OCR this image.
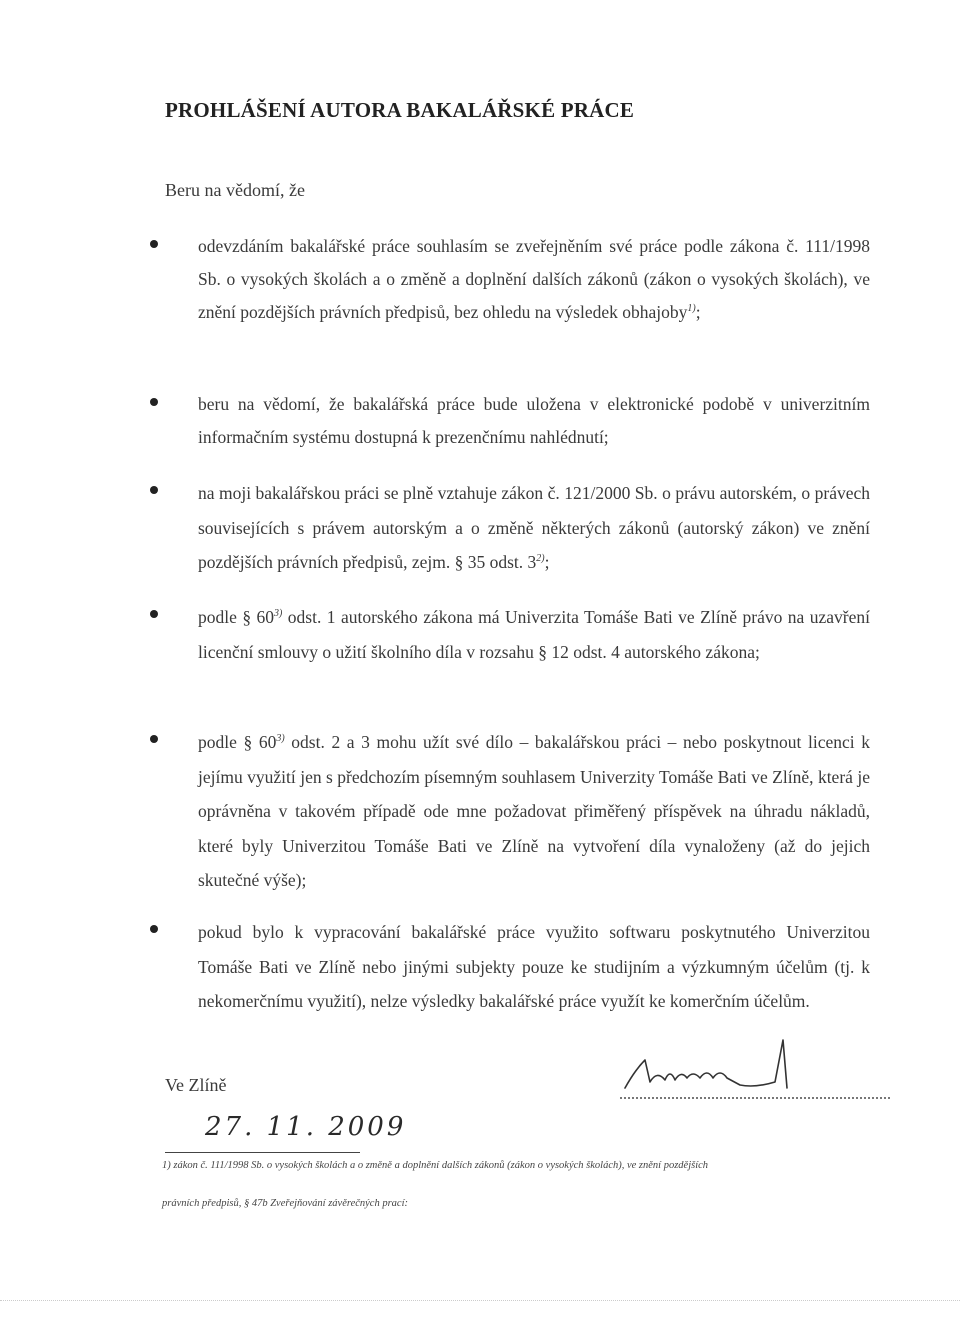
PROHLÁŠENÍ AUTORA BAKALÁŘSKÉ PRÁCE
Beru na vědomí, že
odevzdáním bakalářské práce souhlasím se zveřejněním své práce podle zákona č. 111/1998 Sb. o vysokých školách a o změně a doplnění dalších zákonů (zákon o vysokých školách), ve znění pozdějších právních předpisů, bez ohledu na výsledek obhajoby$^{1)}$;
beru na vědomí, že bakalářská práce bude uložena v elektronické podobě v univerzitním informačním systému dostupná k prezenčnímu nahlédnutí;
na moji bakalářskou práci se plně vztahuje zákon č. 121/2000 Sb. o právu autorském, o právech souvisejících s právem autorským a o změně některých zákonů (autorský zákon) ve znění pozdějších právních předpisů, zejm. § 35 odst. 3$^{2)}$;
podle § 60$^{3)}$ odst. 1 autorského zákona má Univerzita Tomáše Bati ve Zlíně právo na uzavření licenční smlouvy o užití školního díla v rozsahu § 12 odst. 4 autorského zákona;
podle § 60$^{3)}$ odst. 2 a 3 mohu užít své dílo – bakalářskou práci – nebo poskytnout licenci k jejímu využití jen s předchozím písemným souhlasem Univerzity Tomáše Bati ve Zlíně, která je oprávněna v takovém případě ode mne požadovat přiměřený příspěvek na úhradu nákladů, které byly Univerzitou Tomáše Bati ve Zlíně na vytvoření díla vynaloženy (až do jejich skutečné výše);
pokud bylo k vypracování bakalářské práce využito softwaru poskytnutého Univerzitou Tomáše Bati ve Zlíně nebo jinými subjekty pouze ke studijním a výzkumným účelům (tj. k nekomerčnímu využití), nelze výsledky bakalářské práce využít ke komerčním účelům.
Ve Zlíně
27. 11. 2009
1) zákon č. 111/1998 Sb. o vysokých školách a o změně a doplnění dalších zákonů (zákon o vysokých školách), ve znění pozdějších
právních předpisů, § 47b Zveřejňování závěrečných prací:
